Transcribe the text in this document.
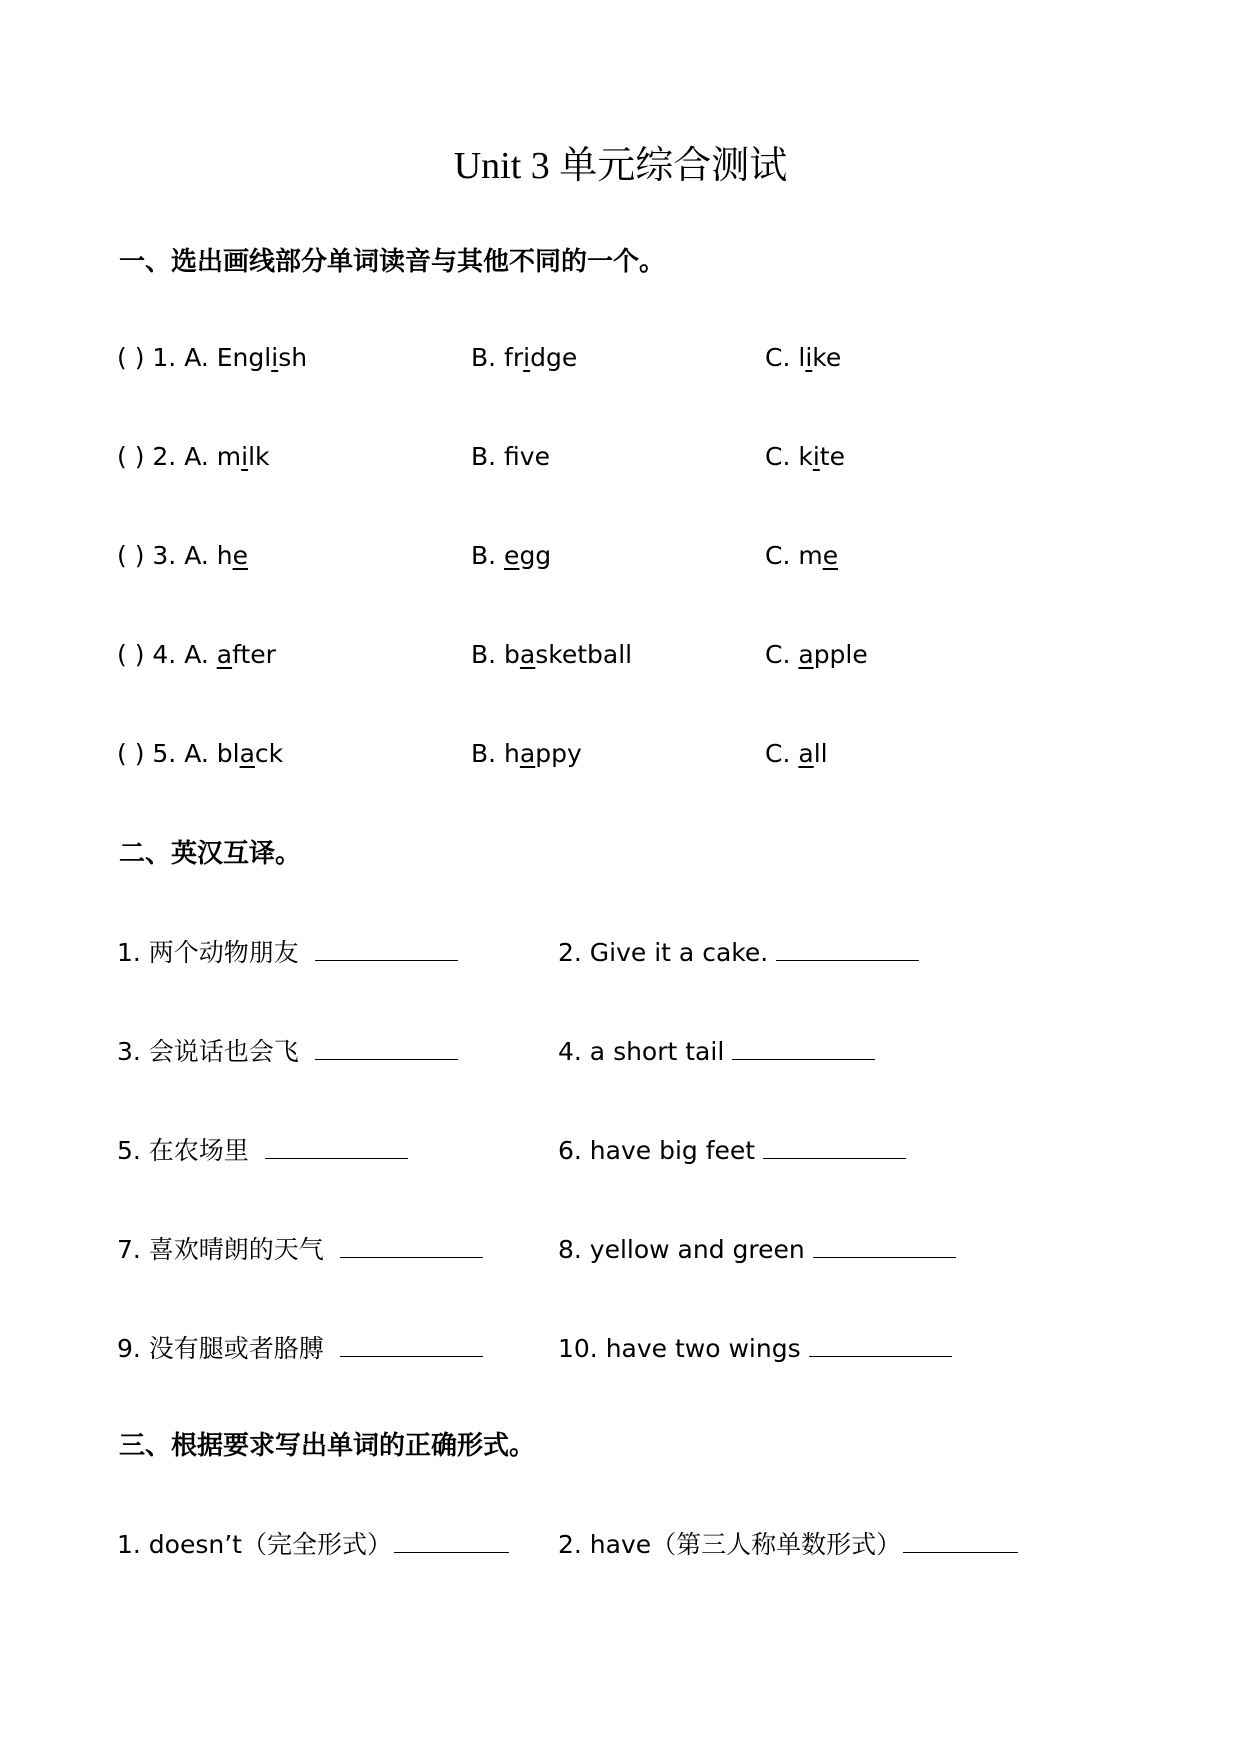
Unit 3 单元综合测试
一、选出画线部分单词读音与其他不同的一个。
( ) 1. A. English	B. fridge	C. like
( ) 2. A. milk	B. fve	C. kite
( ) 3. A. he	B. egg	C. me
( ) 4. A. after	B. basketball	C. apple
( ) 5. A. black	B. happy	C. all
二、英汉互译。
1. 两个动物朋友	2. Give it a cake.
3. 会说话也会飞	4. a short tail
5. 在农场里	6. have big feet
7. 喜欢晴朗的天气	8. yellow and green
9. 没有腿或者胳膊	10. have two wings
三、根据要求写出单词的正确形式。
1. doesn’t（完全形式）	2. have（第三人称单数形式）
